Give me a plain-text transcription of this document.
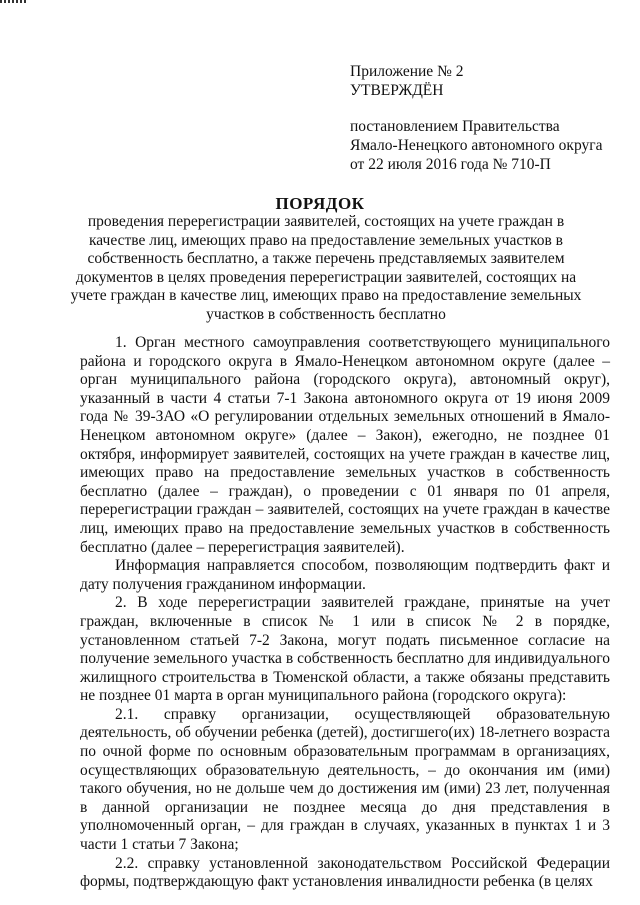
Приложение № 2
УТВЕРЖДЁН
постановлением Правительства
Ямало-Ненецкого автономного округа
от 22 июля 2016 года № 710-П
ПОРЯДОК
проведения перерегистрации заявителей, состоящих на учете граждан в качестве лиц, имеющих право на предоставление земельных участков в собственность бесплатно, а также перечень представляемых заявителем документов в целях проведения перерегистрации заявителей, состоящих на учете граждан в качестве лиц, имеющих право на предоставление земельных участков в собственность бесплатно

1. Орган местного самоуправления соответствующего муниципального района и городского округа в Ямало-Ненецком автономном округе (далее – орган муниципального района (городского округа), автономный округ), указанный в части 4 статьи 7-1 Закона автономного округа от 19 июня 2009 года № 39-ЗАО «О регулировании отдельных земельных отношений в Ямало-Ненецком автономном округе» (далее – Закон), ежегодно, не позднее 01 октября, информирует заявителей, состоящих на учете граждан в качестве лиц, имеющих право на предоставление земельных участков в собственность бесплатно (далее – граждан), о проведении с 01 января по 01 апреля, перерегистрации граждан – заявителей, состоящих на учете граждан в качестве лиц, имеющих право на предоставление земельных участков в собственность бесплатно (далее – перерегистрация заявителей).

Информация направляется способом, позволяющим подтвердить факт и дату получения гражданином информации.

2. В ходе перерегистрации заявителей граждане, принятые на учет граждан, включенные в список № 1 или в список № 2 в порядке, установленном статьей 7-2 Закона, могут подать письменное согласие на получение земельного участка в собственность бесплатно для индивидуального жилищного строительства в Тюменской области, а также обязаны представить не позднее 01 марта в орган муниципального района (городского округа):

2.1. справку организации, осуществляющей образовательную деятельность, об обучении ребенка (детей), достигшего(их) 18-летнего возраста по очной форме по основным образовательным программам в организациях, осуществляющих образовательную деятельность, – до окончания им (ими) такого обучения, но не дольше чем до достижения им (ими) 23 лет, полученная в данной организации не позднее месяца до дня представления в уполномоченный орган, – для граждан в случаях, указанных в пунктах 1 и 3 части 1 статьи 7 Закона;

2.2. справку установленной законодательством Российской Федерации формы, подтверждающую факт установления инвалидности ребенка (в целях
